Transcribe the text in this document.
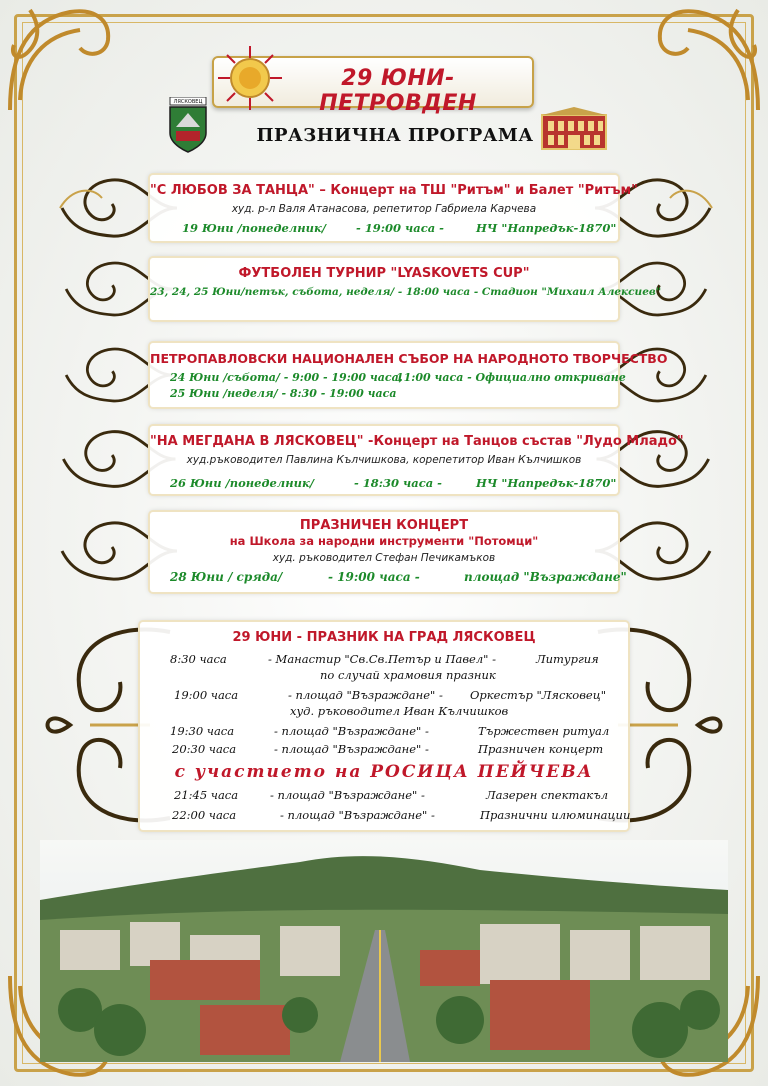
29 ЮНИ-ПЕТРОВДЕН
ЛЯСКОВЕЦ
ПРАЗНИЧНА ПРОГРАМА
"С ЛЮБОВ ЗА ТАНЦА" – Концерт на ТШ "Ритъм" и Балет "Ритъм"
худ. р-л Валя Атанасова, репетитор Габриела Карчева
19 Юни /понеделник/	- 19:00 часа -	НЧ "Напредък-1870"
ФУТБОЛЕН ТУРНИР "LYASKOVETS CUP"
23, 24, 25 Юни/петък, събота, неделя/ - 18:00 часа - Стадион "Михаил Алексиев"
ПЕТРОПАВЛОВСКИ НАЦИОНАЛЕН СЪБОР НА НАРОДНОТО ТВОРЧЕСТВО
24 Юни /събота/ - 9:00 - 19:00 часа,
25 Юни /неделя/ - 8:30 - 19:00 часа
11:00 часа - Официално откриване
"НА МЕГДАНА В ЛЯСКОВЕЦ" -Концерт на Танцов състав "Лудо Младо"
худ.ръководител Павлина Кълчишкова, корепетитор Иван Кълчишков
26 Юни /понеделник/	- 18:30 часа -	НЧ "Напредък-1870"
ПРАЗНИЧЕН КОНЦЕРТ
на Школа за народни инструменти "Потомци"
худ. ръководител Стефан Печикамъков
28 Юни / сряда/	- 19:00 часа -	площад "Възраждане"
29 ЮНИ - ПРАЗНИК НА ГРАД ЛЯСКОВЕЦ
8:30 часа	- Манастир "Св.Св.Петър и Павел" -	Литургия
по случай храмовия празник
19:00 часа	- площад "Възраждане" - Оркестър "Лясковец"
худ. ръководител Иван Кълчишков
19:30 часа	- площад "Възраждане" -	Тържествен ритуал
20:30 часа	- площад "Възраждане" -	Празничен концерт
с участието на РОСИЦА ПЕЙЧЕВА
21:45 часа	- площад "Възраждане" -	Лазерен спектакъл
22:00 часа	- площад "Възраждане" -	Празнични илюминации
